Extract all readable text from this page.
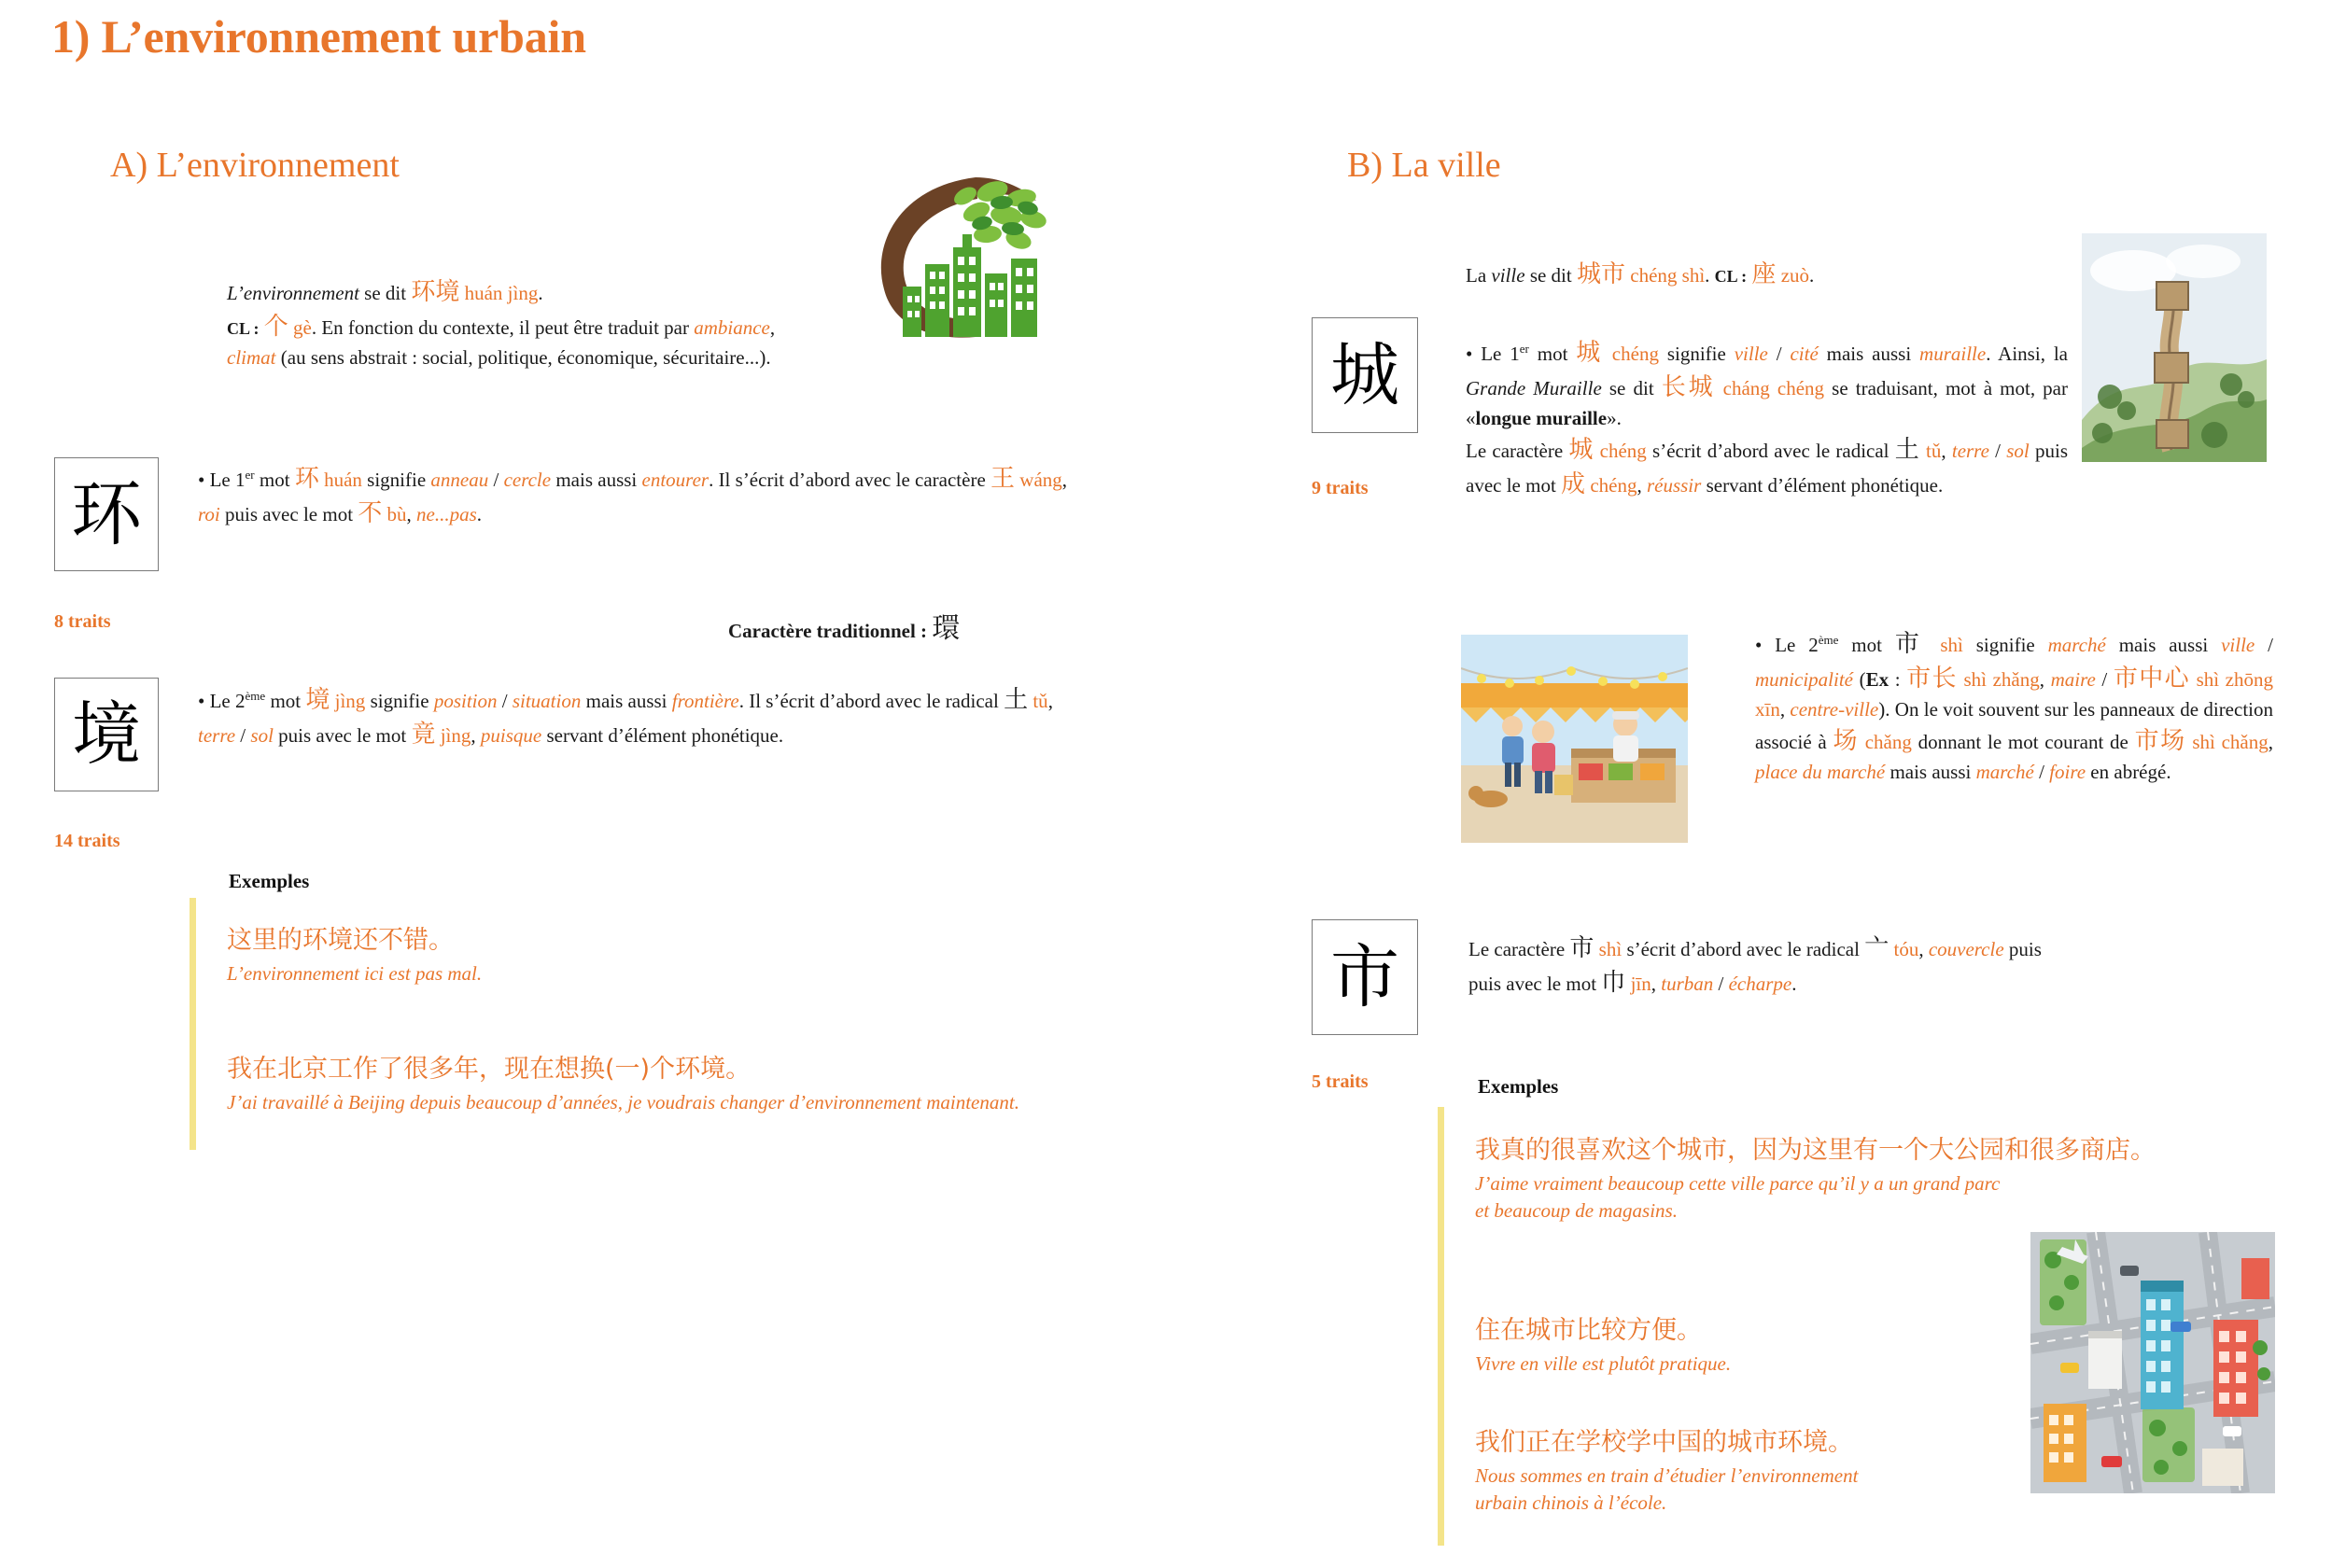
1) L’environnement urbain
A) L’environnement	B) La ville
L’environnement se dit 环境 huán jìng.
CL : 个 gè. En fonction du contexte, il peut être traduit par ambiance, climat (au sens abstrait : social, politique, économique, sécuritaire...).
环
8 traits
• Le 1er mot 环 huán signifie anneau / cercle mais aussi entourer. Il s’écrit d’abord avec le caractère 王 wáng, roi puis avec le mot 不 bù, ne...pas.
Caractère traditionnel : 環
境
14 traits
• Le 2ème mot 境 jìng signifie position / situation mais aussi frontière. Il s’écrit d’abord avec le radical 土 tǔ, terre / sol puis avec le mot 竟 jìng, puisque servant d’élément phonétique.
Exemples
这里的环境还不错。
L’environnement ici est pas mal.
我在北京工作了很多年，现在想换(一)个环境。
J’ai travaillé à Beijing depuis beaucoup d’années, je voudrais changer d’environnement maintenant.
La ville se dit 城市 chéng shì. CL : 座 zuò.
城
9 traits
• Le 1er mot 城 chéng signifie ville / cité mais aussi muraille. Ainsi, la Grande Muraille se dit 长城 cháng chéng se traduisant, mot à mot, par «longue muraille».
Le caractère 城 chéng s’écrit d’abord avec le radical 土 tǔ, terre / sol puis avec le mot 成 chéng, réussir servant d’élément phonétique.
• Le 2ème mot 市 shì signifie marché mais aussi ville / municipalité (Ex : 市长 shì zhǎng, maire / 市中心 shì zhōng xīn, centre-ville). On le voit souvent sur les panneaux de direction associé à 场 chǎng donnant le mot courant de 市场 shì chǎng, place du marché mais aussi marché / foire en abrégé.
市
5 traits
Le caractère 市 shì s’écrit d’abord avec le radical 亠 tóu, couvercle puis
puis avec le mot 巾 jīn, turban / écharpe.
Exemples
我真的很喜欢这个城市，因为这里有一个大公园和很多商店。
J’aime vraiment beaucoup cette ville parce qu’il y a un grand parc et beaucoup de magasins.
住在城市比较方便。
Vivre en ville est plutôt pratique.
我们正在学校学中国的城市环境。
Nous sommes en train d’étudier l’environnement urbain chinois à l’école.
